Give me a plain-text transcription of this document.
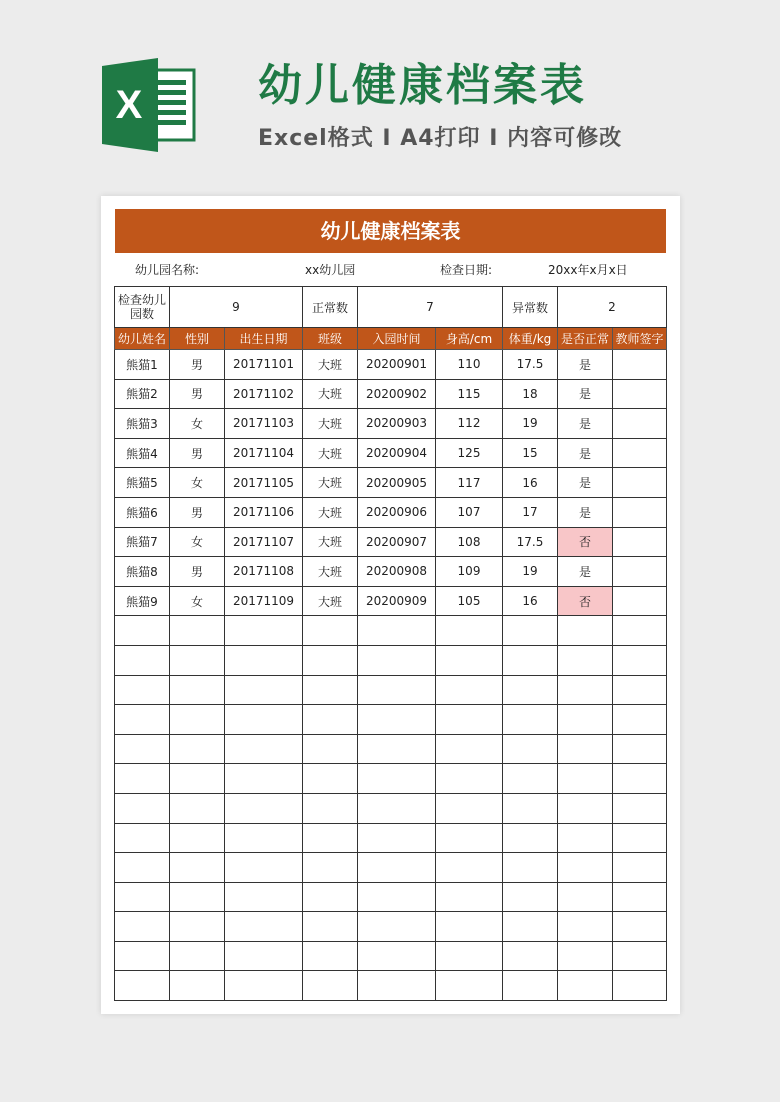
X	幼儿健康档案表
Excel格式 I A4打印 I 内容可修改
幼儿健康档案表
幼儿园名称:	xx幼儿园	检查日期:	20xx年x月x日
检查幼儿园数	9		正常数	7		异常数	2	
幼儿姓名	性别	出生日期	班级	入园时间	身高/cm	体重/kg	是否正常	教师签字
熊猫1	男	20171101	大班	20200901	110	17.5	是	
熊猫2	男	20171102	大班	20200902	115	18	是	
熊猫3	女	20171103	大班	20200903	112	19	是	
熊猫4	男	20171104	大班	20200904	125	15	是	
熊猫5	女	20171105	大班	20200905	117	16	是	
熊猫6	男	20171106	大班	20200906	107	17	是	
熊猫7	女	20171107	大班	20200907	108	17.5	否	
熊猫8	男	20171108	大班	20200908	109	19	是	
熊猫9	女	20171109	大班	20200909	105	16	否	
